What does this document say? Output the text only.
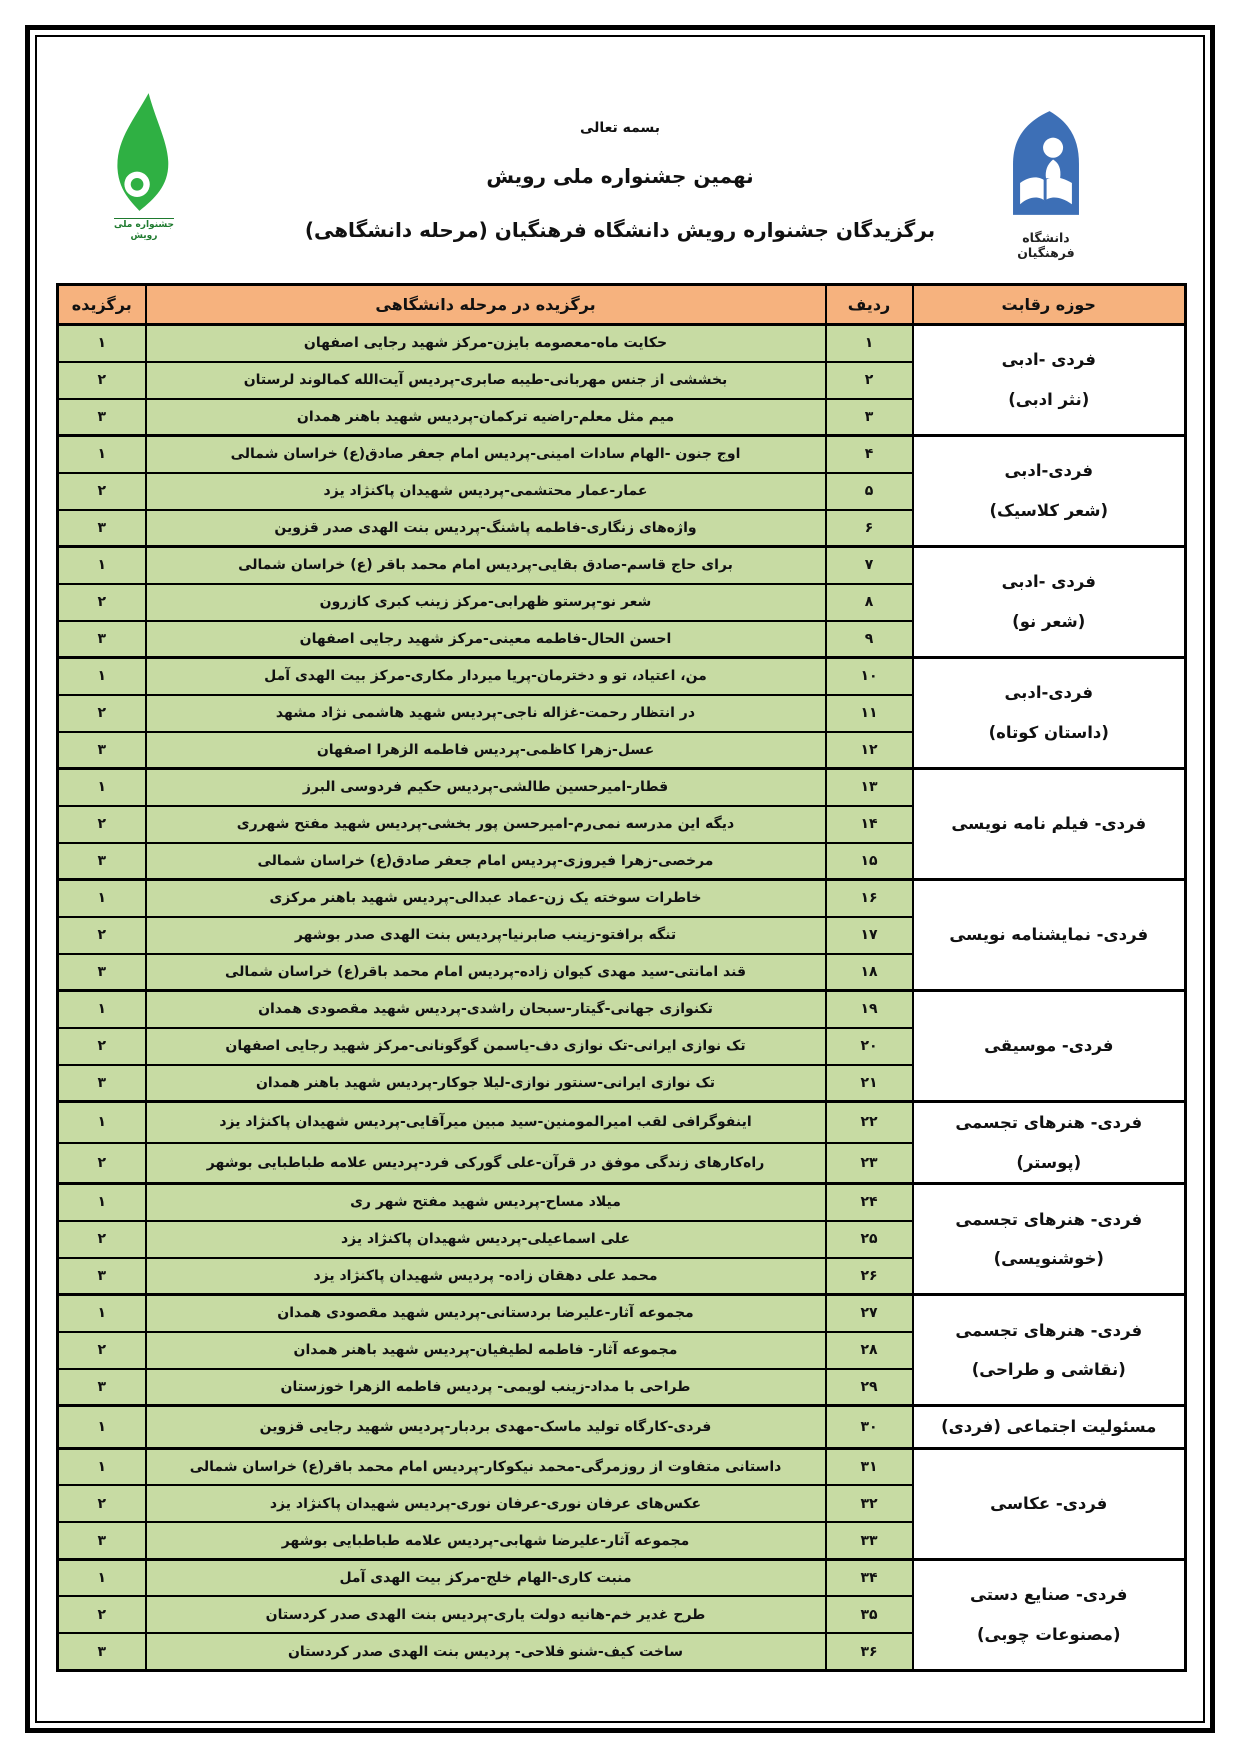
جشنواره ملی
رویش
بسمه تعالی
نهمین جشنواره ملی رویش
برگزیدگان جشنواره رویش دانشگاه فرهنگیان (مرحله دانشگاهی)	دانشگاه فرهنگیان
حوزه رقابت	ردیف	برگزیده در مرحله دانشگاهی	برگزیده

فردی -ادبی
(نثر ادبی)	۱	حکایت ماه-معصومه بایزن-مرکز شهید رجایی اصفهان	۱
	۲	بخششی از جنس مهربانی-طیبه صابری-پردیس آیت‌الله کمالوند لرستان	۲
	۳	میم مثل معلم-راضیه ترکمان-پردیس شهید باهنر همدان	۳

فردی-ادبی
(شعر کلاسیک)	۴	اوج جنون -الهام سادات امینی-پردیس امام جعفر صادق(ع) خراسان شمالی	۱
	۵	عمار-عمار محتشمی-پردیس شهیدان پاکنژاد یزد	۲
	۶	واژه‌های زنگاری-فاطمه پاشنگ-پردیس بنت الهدی صدر قزوین	۳

فردی -ادبی
(شعر نو)	۷	برای حاج قاسم-صادق بقایی-پردیس امام محمد باقر (ع) خراسان شمالی	۱
	۸	شعر نو-پرستو ظهرابی-مرکز زینب کبری کازرون	۲
	۹	احسن الحال-فاطمه معینی-مرکز شهید رجایی اصفهان	۳

فردی-ادبی
(داستان کوتاه)	۱۰	من، اعتیاد، تو و دخترمان-پریا میردار مکاری-مرکز بیت الهدی آمل	۱
	۱۱	در انتظار رحمت-غزاله ناجی-پردیس شهید هاشمی نژاد مشهد	۲
	۱۲	عسل-زهرا کاظمی-پردیس فاطمه الزهرا اصفهان	۳

فردی- فیلم نامه نویسی	۱۳	قطار-امیرحسین طالشی-پردیس حکیم فردوسی البرز	۱
	۱۴	دیگه این مدرسه نمی‌رم-امیرحسن پور بخشی-پردیس شهید مفتح شهرری	۲
	۱۵	مرخصی-زهرا فیروزی-پردیس امام جعفر صادق(ع) خراسان شمالی	۳

فردی- نمایشنامه نویسی	۱۶	خاطرات سوخته یک زن-عماد عبدالی-پردیس شهید باهنر مرکزی	۱
	۱۷	تنگه برافتو-زینب صابرنیا-پردیس بنت الهدی صدر بوشهر	۲
	۱۸	قند امانتی-سید مهدی کیوان زاده-پردیس امام محمد باقر(ع) خراسان شمالی	۳

فردی- موسیقی	۱۹	تکنوازی جهانی-گیتار-سبحان راشدی-پردیس شهید مقصودی همدان	۱
	۲۰	تک نوازی ایرانی-تک نوازی دف-یاسمن گوگونانی-مرکز شهید رجایی اصفهان	۲
	۲۱	تک نوازی ایرانی-سنتور نوازی-لیلا جوکار-پردیس شهید باهنر همدان	۳

فردی- هنرهای تجسمی
(پوستر)	۲۲	اینفوگرافی لقب امیرالمومنین-سید مبین میرآقایی-پردیس شهیدان پاکنژاد یزد	۱
	۲۳	راه‌کارهای زندگی موفق در قرآن-علی گورکی فرد-پردیس علامه طباطبایی بوشهر	۲

فردی- هنرهای تجسمی
(خوشنویسی)	۲۴	میلاد مساح-پردیس شهید مفتح شهر ری	۱
	۲۵	علی اسماعیلی-پردیس شهیدان پاکنژاد یزد	۲
	۲۶	محمد علی دهقان زاده- پردیس شهیدان پاکنژاد یزد	۳

فردی- هنرهای تجسمی
(نقاشی و طراحی)	۲۷	مجموعه آثار-علیرضا بردستانی-پردیس شهید مقصودی همدان	۱
	۲۸	مجموعه آثار- فاطمه لطیفیان-پردیس شهید باهنر همدان	۲
	۲۹	طراحی با مداد-زینب لویمی- پردیس فاطمه الزهرا خوزستان	۳

مسئولیت اجتماعی (فردی)	۳۰	فردی-کارگاه تولید ماسک-مهدی بردبار-پردیس شهید رجایی قزوین	۱

فردی- عکاسی	۳۱	داستانی متفاوت از روزمرگی-محمد نیکوکار-پردیس امام محمد باقر(ع) خراسان شمالی	۱
	۳۲	عکس‌های عرفان نوری-عرفان نوری-پردیس شهیدان پاکنژاد یزد	۲
	۳۳	مجموعه آثار-علیرضا شهابی-پردیس علامه طباطبایی بوشهر	۳

فردی- صنایع دستی
(مصنوعات چوبی)	۳۴	منبت کاری-الهام خلج-مرکز بیت الهدی آمل	۱
	۳۵	طرح غدیر خم-هانیه دولت یاری-پردیس بنت الهدی صدر کردستان	۲
	۳۶	ساخت کیف-شنو فلاحی- پردیس بنت الهدی صدر کردستان	۳
